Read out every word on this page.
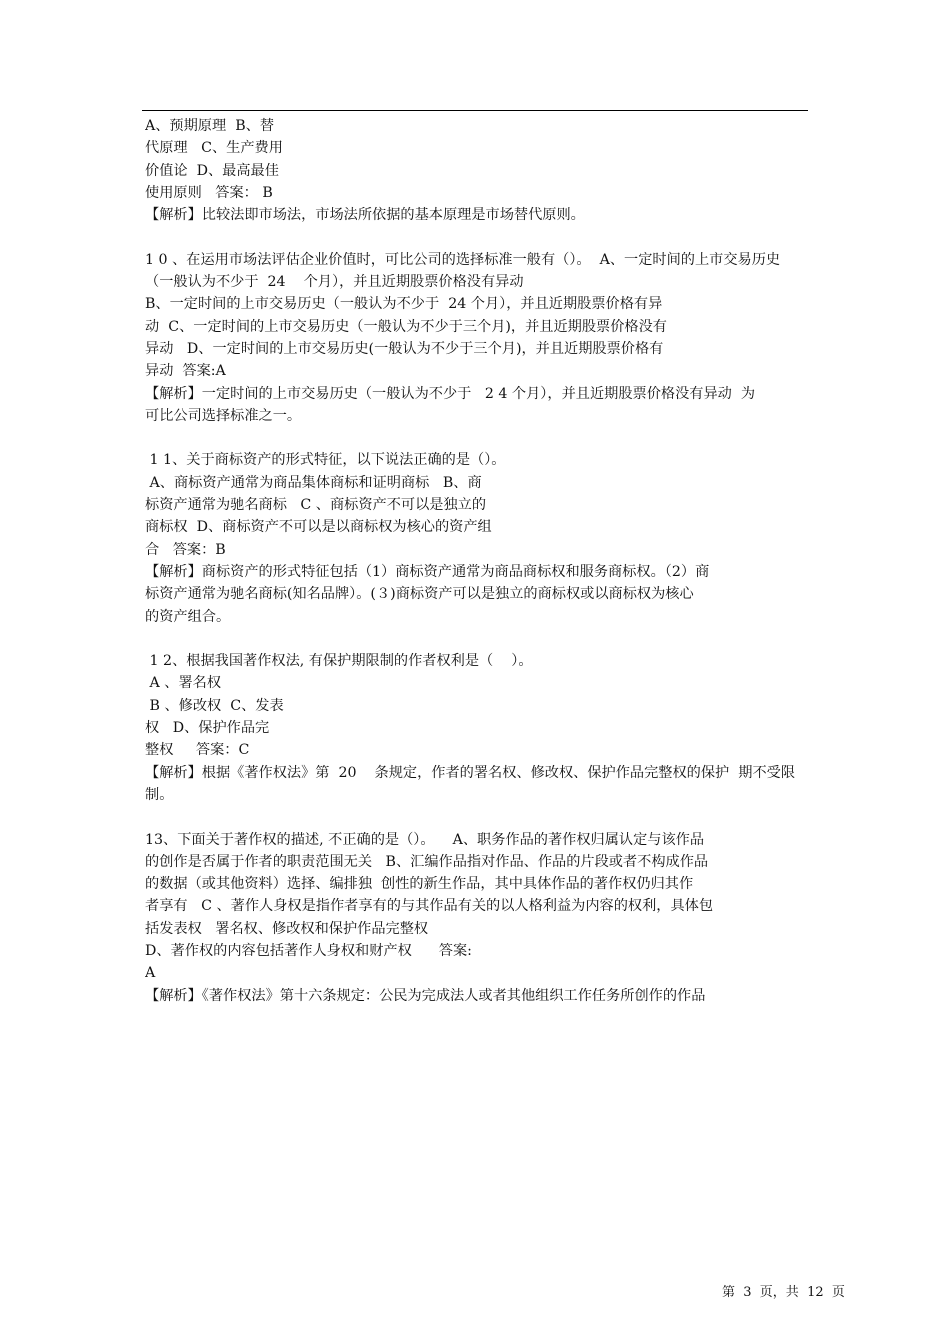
A、预期原理  B、替
代原理   C、生产费用
价值论  D、最高最佳
使用原则   答案： B
【解析】比较法即市场法，市场法所依据的基本原理是市场替代原则。
1 0 、在运用市场法评估企业价值时，可比公司的选择标准一般有（）。  A、一定时间的上市交易历史
（一般认为不少于  24    个月），并且近期股票价格没有异动
B、一定时间的上市交易历史（一般认为不少于  24 个月），并且近期股票价格有异
动  C、一定时间的上市交易历史（一般认为不少于三个月)，并且近期股票价格没有
异动   D、一定时间的上市交易历史(一般认为不少于三个月)，并且近期股票价格有
异动  答案:A
【解析】一定时间的上市交易历史（一般认为不少于   2 4 个月），并且近期股票价格没有异动  为
可比公司选择标准之一。
1 1、关于商标资产的形式特征，以下说法正确的是（）。
A、商标资产通常为商品集体商标和证明商标   B、商
标资产通常为驰名商标   C 、商标资产不可以是独立的
商标权  D、商标资产不可以是以商标权为核心的资产组
合   答案：B
【解析】商标资产的形式特征包括（1）商标资产通常为商品商标权和服务商标权。（2）商
标资产通常为驰名商标(知名品牌）。(３)商标资产可以是独立的商标权或以商标权为核心
的资产组合。
1 2、根据我国著作权法, 有保护期限制的作者权利是（    ）。
A 、署名权
B 、修改权  C、发表
权   D、保护作品完
整权     答案：C
【解析】根据《著作权法》第  20    条规定，作者的署名权、修改权、保护作品完整权的保护  期不受限
制。
13、下面关于著作权的描述, 不正确的是（）。    A、职务作品的著作权归属认定与该作品
的创作是否属于作者的职责范围无关   B、汇编作品指对作品、作品的片段或者不构成作品
的数据（或其他资料）选择、编排独  创性的新生作品，其中具体作品的著作权仍归其作
者享有   C 、著作人身权是指作者享有的与其作品有关的以人格利益为内容的权利，具体包
括发表权   署名权、修改权和保护作品完整权
D、著作权的内容包括著作人身权和财产权      答案:
A
【解析】《著作权法》第十六条规定：公民为完成法人或者其他组织工作任务所创作的作品
第  3  页，共  12  页
